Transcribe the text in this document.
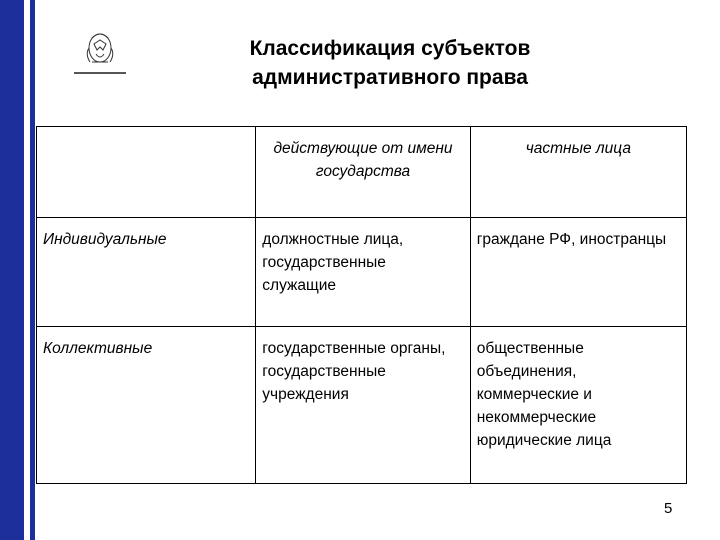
Классификация субъектов
административного права
	действующие от имени государства	частные лица
Индивидуальные	должностные лица, государственные служащие	граждане РФ, иностранцы
Коллективные	государственные органы, государственные учреждения	общественные объединения, коммерческие и некоммерческие юридические лица
5
